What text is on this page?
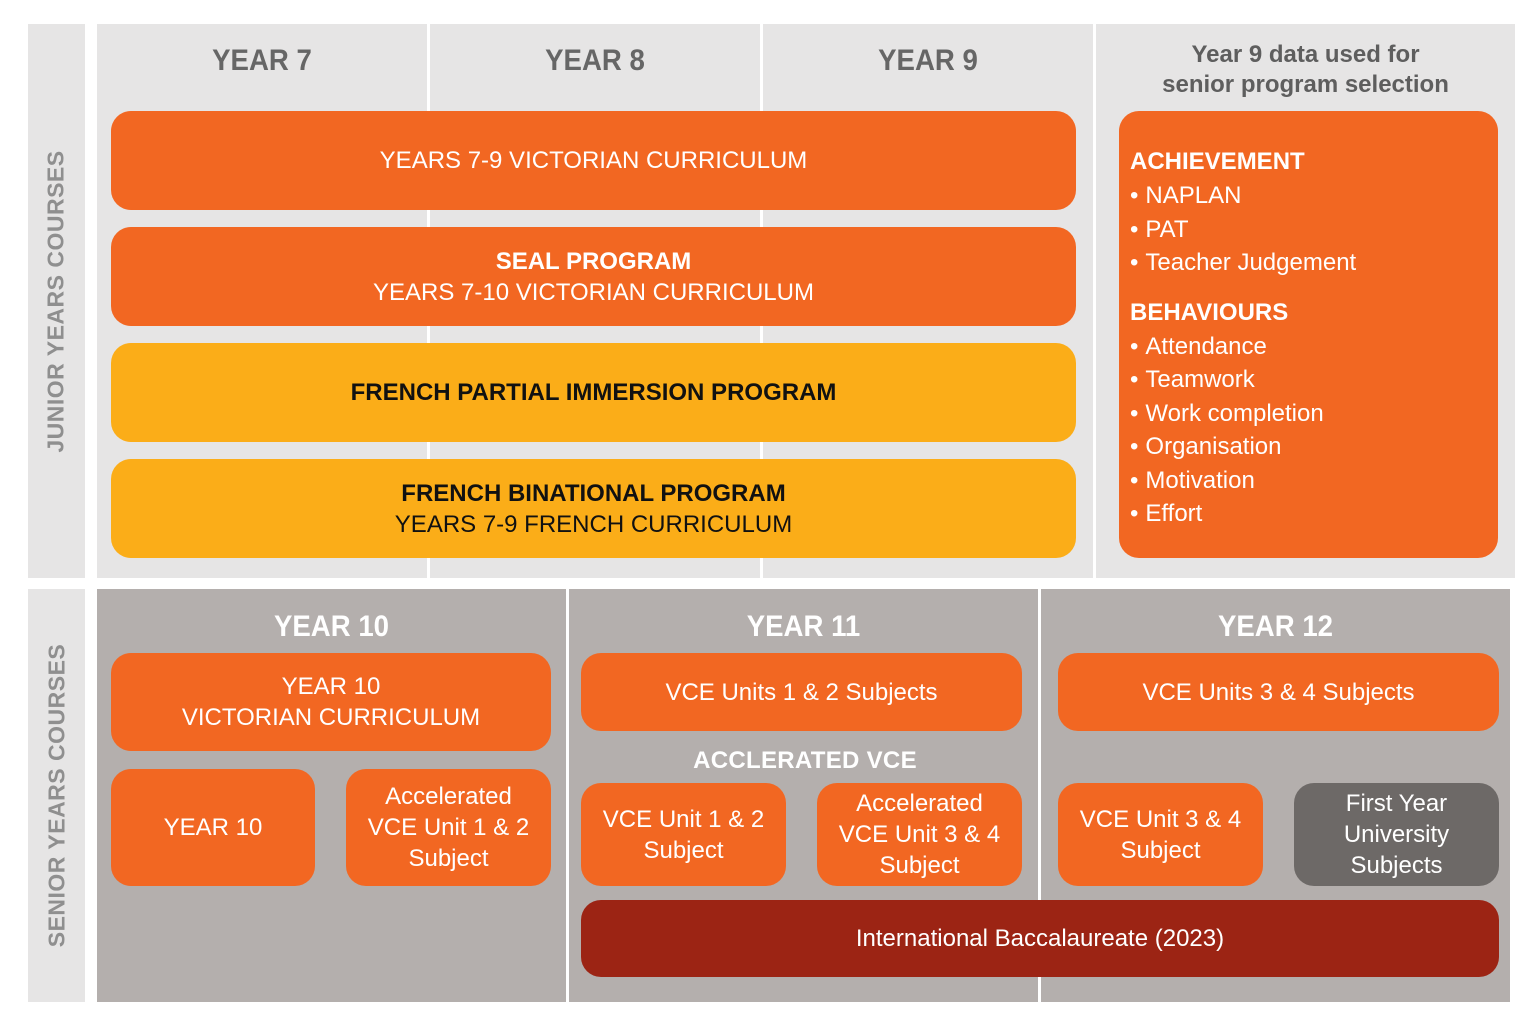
JUNIOR YEARS COURSES
YEAR 7	YEAR 8	YEAR 9
YEARS 7-9 VICTORIAN CURRICULUM
SEAL PROGRAM
YEARS 7-10 VICTORIAN CURRICULUM
FRENCH PARTIAL IMMERSION PROGRAM
FRENCH BINATIONAL PROGRAM
YEARS 7-9 FRENCH CURRICULUM
Year 9 data used for
senior program selection
ACHIEVEMENT
• NAPLAN
• PAT
• Teacher Judgement
BEHAVIOURS
• Attendance
• Teamwork
• Work completion
• Organisation
• Motivation
• Effort
SENIOR YEARS COURSES
YEAR 10	YEAR 11	YEAR 12
YEAR 10
VICTORIAN CURRICULUM
YEAR 10
Accelerated
VCE Unit 1 & 2
Subject
VCE Units 1 & 2 Subjects
ACCLERATED VCE
VCE Unit 1 & 2
Subject
Accelerated
VCE Unit 3 & 4
Subject
VCE Units 3 & 4 Subjects
VCE Unit 3 & 4
Subject
First Year
University
Subjects
International Baccalaureate (2023)
